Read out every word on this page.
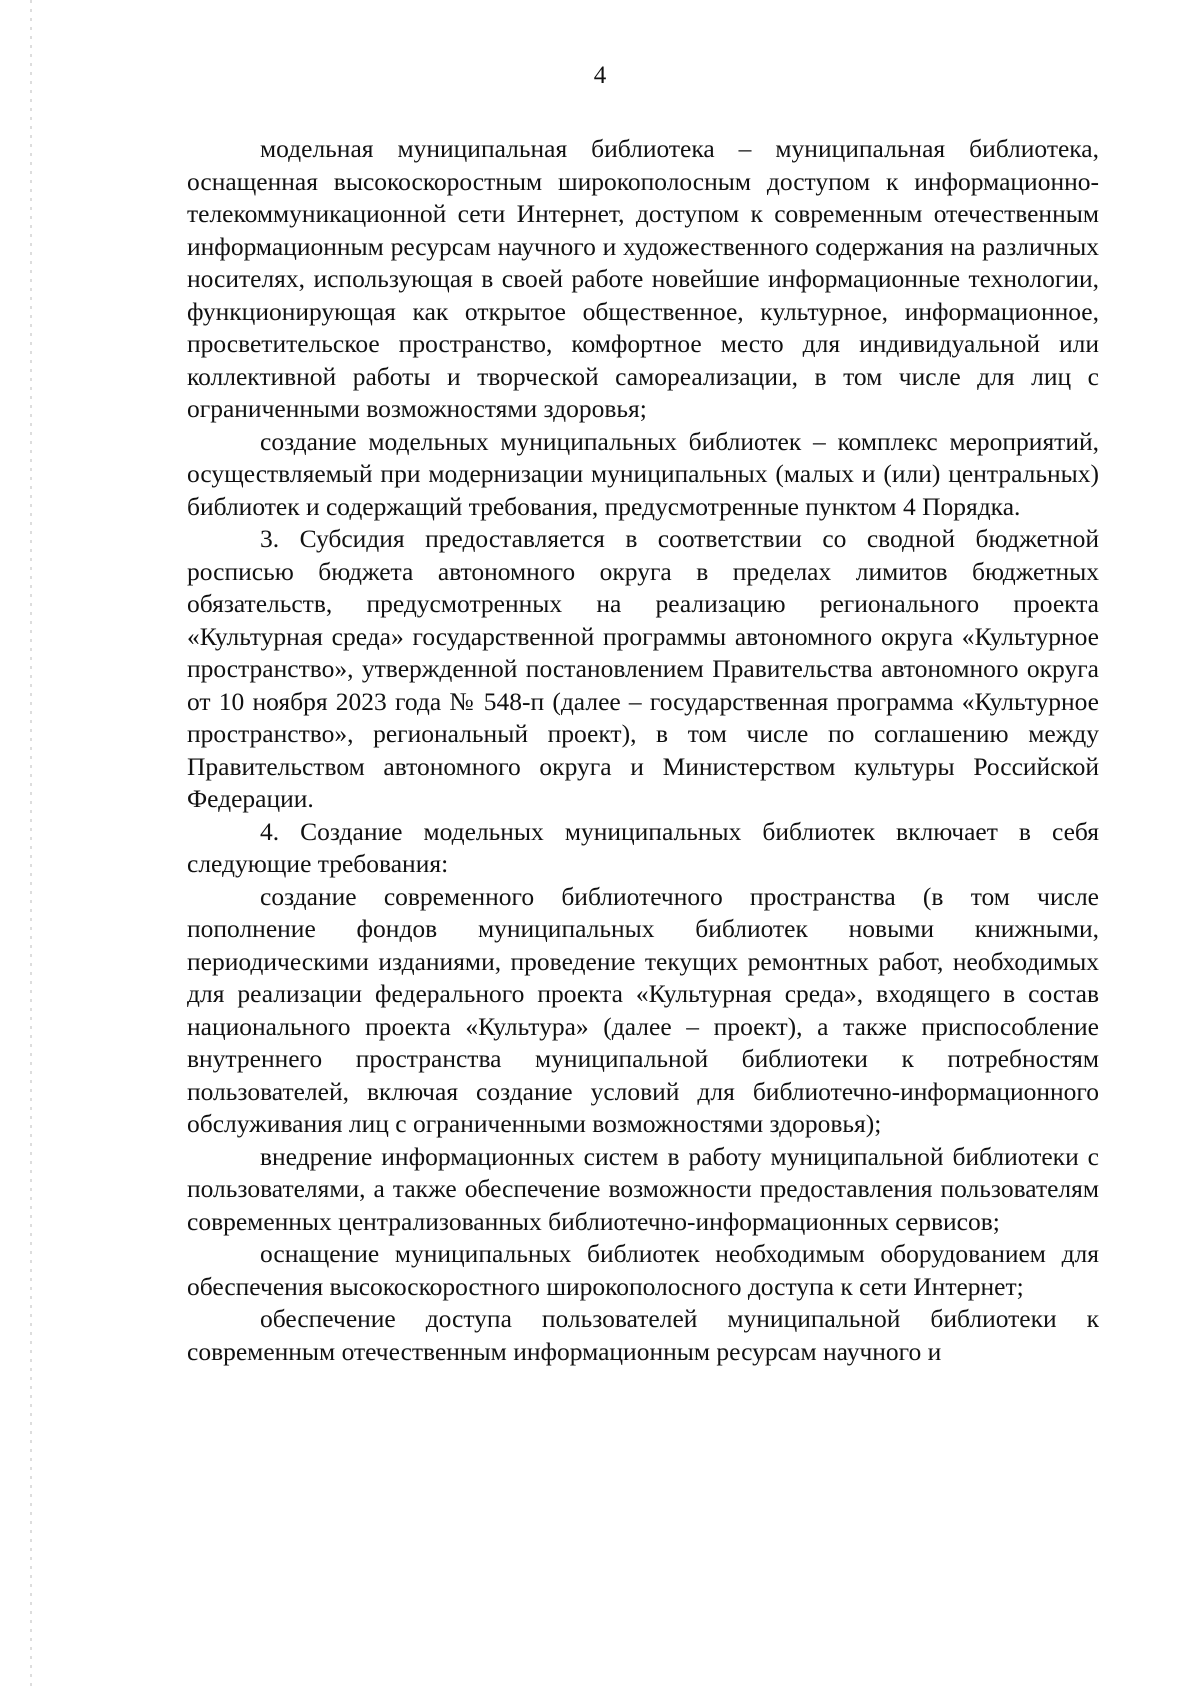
4

модельная муниципальная библиотека – муниципальная библиотека, оснащенная высокоскоростным широкополосным доступом к информационно-телекоммуникационной сети Интернет, доступом к современным отечественным информационным ресурсам научного и художественного содержания на различных носителях, использующая в своей работе новейшие информационные технологии, функционирующая как открытое общественное, культурное, информационное, просветительское пространство, комфортное место для индивидуальной или коллективной работы и творческой самореализации, в том числе для лиц с ограниченными возможностями здоровья;

создание модельных муниципальных библиотек – комплекс мероприятий, осуществляемый при модернизации муниципальных (малых и (или) центральных) библиотек и содержащий требования, предусмотренные пунктом 4 Порядка.

3. Субсидия предоставляется в соответствии со сводной бюджетной росписью бюджета автономного округа в пределах лимитов бюджетных обязательств, предусмотренных на реализацию регионального проекта «Культурная среда» государственной программы автономного округа «Культурное пространство», утвержденной постановлением Правительства автономного округа от 10 ноября 2023 года № 548-п (далее – государственная программа «Культурное пространство», региональный проект), в том числе по соглашению между Правительством автономного округа и Министерством культуры Российской Федерации.

4. Создание модельных муниципальных библиотек включает в себя следующие требования:

создание современного библиотечного пространства (в том числе пополнение фондов муниципальных библиотек новыми книжными, периодическими изданиями, проведение текущих ремонтных работ, необходимых для реализации федерального проекта «Культурная среда», входящего в состав национального проекта «Культура» (далее – проект), а также приспособление внутреннего пространства муниципальной библиотеки к потребностям пользователей, включая создание условий для библиотечно-информационного обслуживания лиц с ограниченными возможностями здоровья);

внедрение информационных систем в работу муниципальной библиотеки с пользователями, а также обеспечение возможности предоставления пользователям современных централизованных библиотечно-информационных сервисов;

оснащение муниципальных библиотек необходимым оборудованием для обеспечения высокоскоростного широкополосного доступа к сети Интернет;

обеспечение доступа пользователей муниципальной библиотеки к современным отечественным информационным ресурсам научного и
